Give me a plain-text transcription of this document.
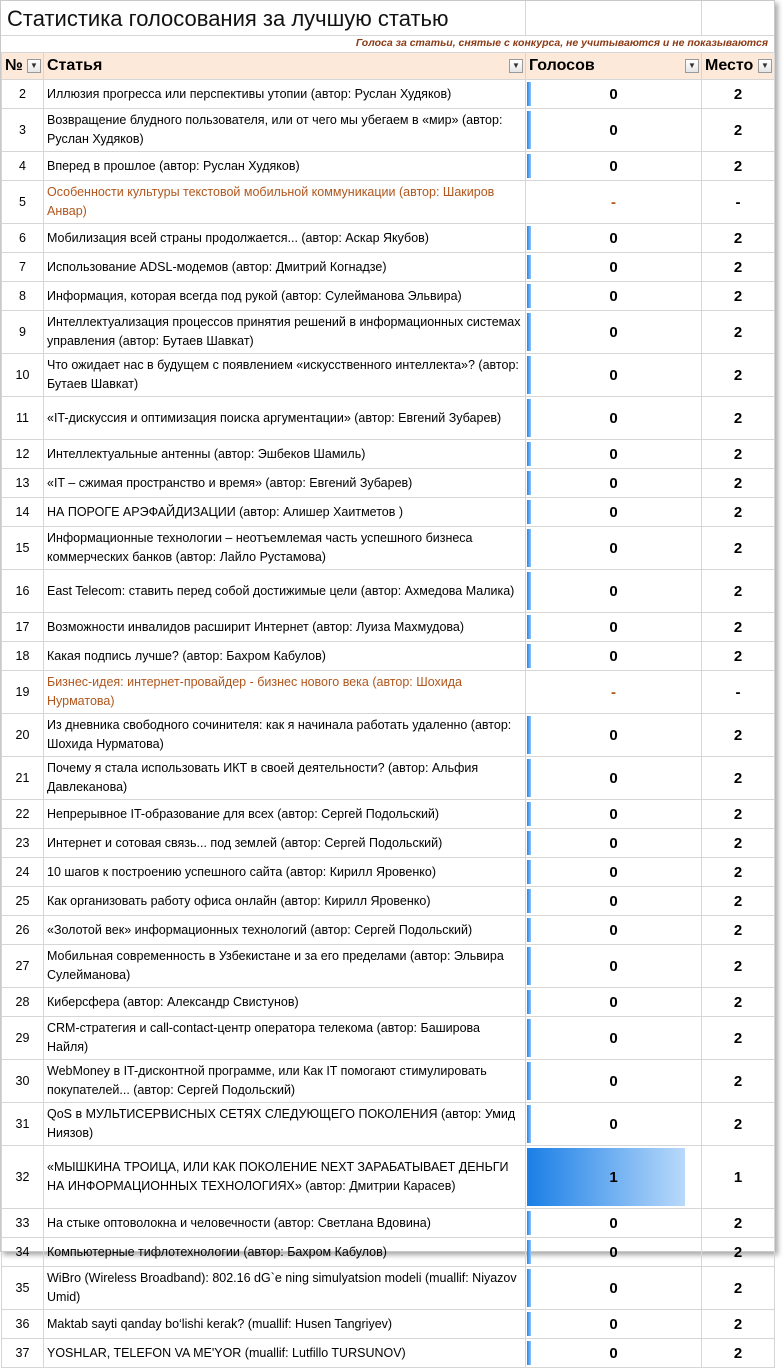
Статистика голосования за лучшую статью
Голоса за статьи, снятые с конкурса, не учитываются и не показываются
№ ▼	Статья ▼	Голосов ▼	Место ▼

2	Иллюзия прогресса или перспективы утопии (автор: Руслан Худяков)	0	2
3	Возвращение блудного пользователя, или от чего мы убегаем в «мир» (автор: Руслан Худяков)	0	2
4	Вперед в прошлое (автор: Руслан Худяков)	0	2
5	Особенности культуры текстовой мобильной коммуникации (автор: Шакиров Анвар)	-	-
6	Мобилизация всей страны продолжается... (автор: Аскар Якубов)	0	2
7	Использование ADSL-модемов (автор: Дмитрий Когнадзе)	0	2
8	Информация, которая всегда под рукой (автор: Сулейманова Эльвира)	0	2
9	Интеллектуализация процессов принятия решений в информационных системах управления (автор: Бутаев Шавкат)	0	2
10	Что ожидает нас в будущем с появлением «искусственного интеллекта»? (автор: Бутаев Шавкат)	0	2
11	«IT-дискуссия и оптимизация поиска аргументации» (автор: Евгений Зубарев)	0	2
12	Интеллектуальные антенны (автор: Эшбеков Шамиль)	0	2
13	«IT – сжимая пространство и время» (автор: Евгений Зубарев)	0	2
14	НА ПОРОГЕ АРЭФАЙДИЗАЦИИ (автор: Алишер Хаитметов )	0	2
15	Информационные технологии – неотъемлемая часть успешного бизнеса коммерческих банков (автор: Лайло Рустамова)	0	2
16	East Telecom: ставить перед собой достижимые цели (автор: Ахмедова Малика)	0	2
17	Возможности инвалидов расширит Интернет (автор: Луиза Махмудова)	0	2
18	Какая подпись лучше? (автор: Бахром Кабулов)	0	2
19	Бизнес-идея: интернет-провайдер - бизнес нового века (автор: Шохида Нурматова)	-	-
20	Из дневника свободного сочинителя: как я начинала работать удаленно (автор: Шохида Нурматова)	0	2
21	Почему я стала использовать ИКТ в своей деятельности? (автор: Альфия Давлеканова)	0	2
22	Непрерывное IT-образование для всех (автор: Сергей Подольский)	0	2
23	Интернет и сотовая связь... под землей (автор: Сергей Подольский)	0	2
24	10 шагов к построению успешного сайта (автор: Кирилл Яровенко)	0	2
25	Как организовать работу офиса онлайн (автор: Кирилл Яровенко)	0	2
26	«Золотой век» информационных технологий (автор: Сергей Подольский)	0	2
27	Мобильная современность в Узбекистане и за его пределами (автор: Эльвира Сулейманова)	0	2
28	Киберсфера (автор: Александр Свистунов)	0	2
29	CRM-стратегия и call-contact-центр оператора телекома (автор: Баширова Найля)	0	2
30	WebMoney в IT-дисконтной программе, или Как IT помогают стимулировать покупателей... (автор: Сергей Подольский)	0	2
31	QoS в МУЛЬТИСЕРВИСНЫХ СЕТЯХ СЛЕДУЮЩЕГО ПОКОЛЕНИЯ (автор: Умид Ниязов)	0	2
32	«МЫШКИНА ТРОИЦА, ИЛИ КАК ПОКОЛЕНИЕ NEXT ЗАРАБАТЫВАЕТ ДЕНЬГИ НА ИНФОРМАЦИОННЫХ ТЕХНОЛОГИЯХ» (автор: Дмитрии Карасев)	1	1
33	На стыке оптоволокна и человечности (автор: Светлана Вдовина)	0	2
34	Компьютерные тифлотехнологии (автор: Бахром Кабулов)	0	2
35	WiBro (Wireless Broadband): 802.16 dG`e ning simulyatsion modeli (muallif: Niyazov Umid)	0	2
36	Maktab sayti qanday bo‘lishi kerak? (muallif: Husen Tangriyev)	0	2
37	YOSHLAR, TELEFON VA ME'YOR (muallif: Lutfillo TURSUNOV)	0	2
